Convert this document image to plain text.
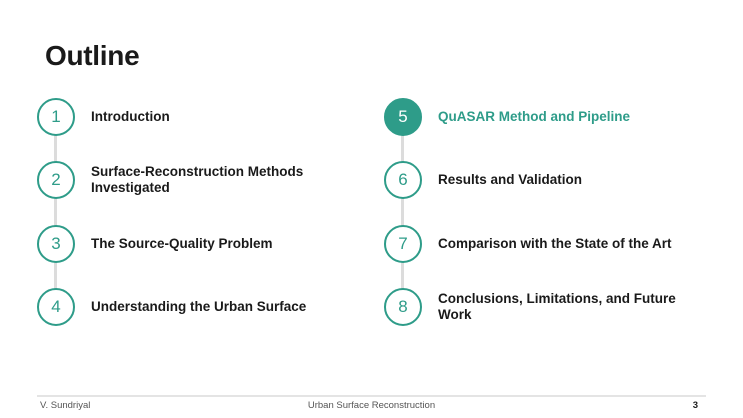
Outline
1	Introduction
2	Surface-Reconstruction Methods Investigated
3	The Source-Quality Problem
4	Understanding the Urban Surface
5	QuASAR Method and Pipeline
6	Results and Validation
7	Comparison with the State of the Art
8	Conclusions, Limitations, and Future Work
V. Sundriyal	Urban Surface Reconstruction	3
